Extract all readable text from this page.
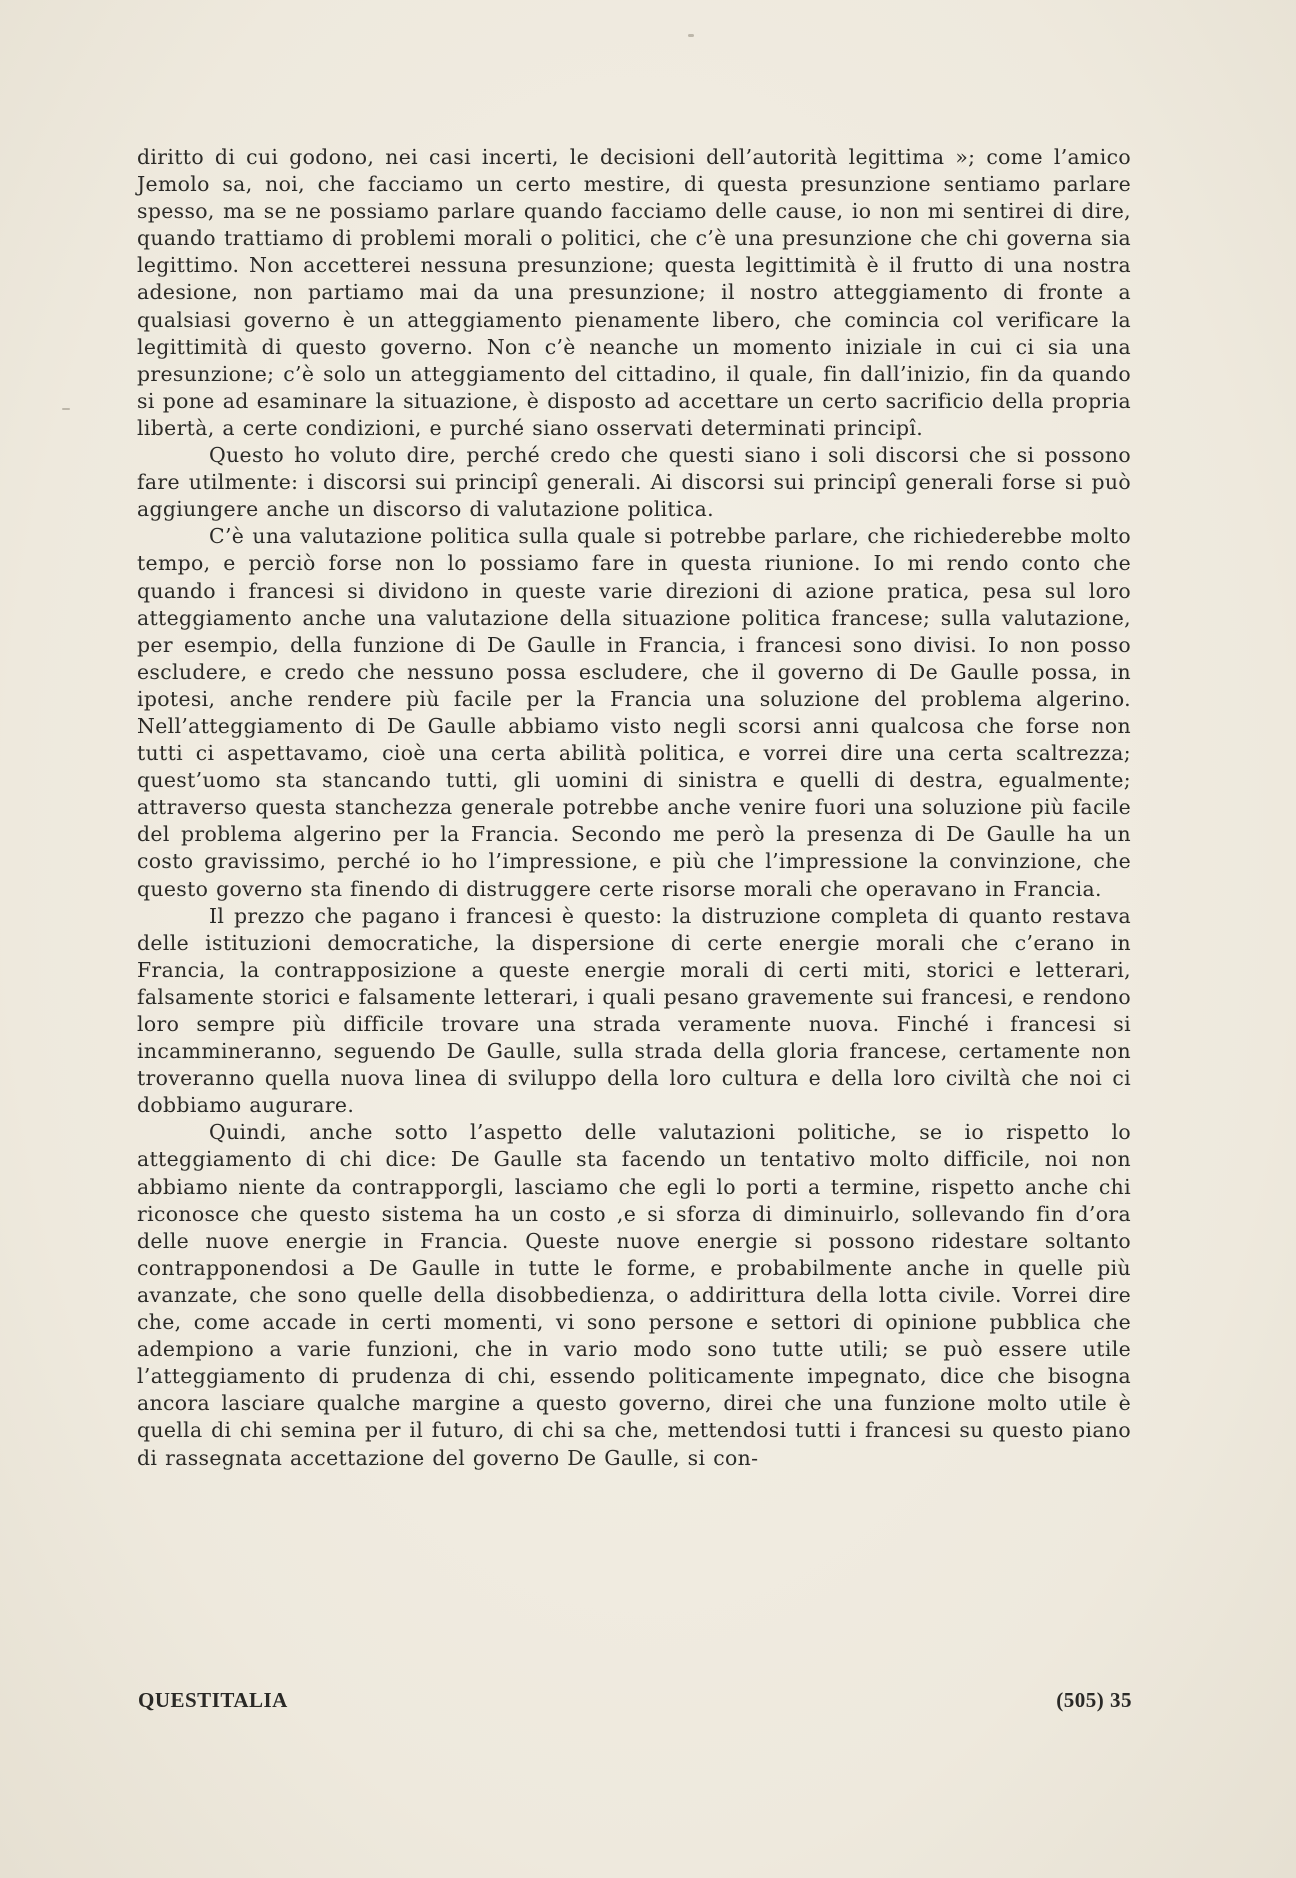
diritto di cui godono, nei casi incerti, le decisioni dell’autorità legittima »; come l’amico Jemolo sa, noi, che facciamo un certo mestire, di questa presunzione sentiamo parlare spesso, ma se ne possiamo parlare quando facciamo delle cause, io non mi sentirei di dire, quando trattiamo di problemi morali o politici, che c’è una presunzione che chi governa sia legittimo. Non accetterei nessuna presunzione; questa legittimità è il frutto di una nostra adesione, non partiamo mai da una presunzione; il nostro atteggiamento di fronte a qualsiasi governo è un atteggiamento pienamente libero, che comincia col verificare la legittimità di questo governo. Non c’è neanche un momento iniziale in cui ci sia una presunzione; c’è solo un atteggiamento del cittadino, il quale, fin dall’inizio, fin da quando si pone ad esaminare la situazione, è disposto ad accettare un certo sacrificio della propria libertà, a certe condizioni, e purché siano osservati determinati principî.

Questo ho voluto dire, perché credo che questi siano i soli discorsi che si possono fare utilmente: i discorsi sui principî generali. Ai discorsi sui principî generali forse si può aggiungere anche un discorso di valutazione politica.

C’è una valutazione politica sulla quale si potrebbe parlare, che richiederebbe molto tempo, e perciò forse non lo possiamo fare in questa riunione. Io mi rendo conto che quando i francesi si dividono in queste varie direzioni di azione pratica, pesa sul loro atteggiamento anche una valutazione della situazione politica francese; sulla valutazione, per esempio, della funzione di De Gaulle in Francia, i francesi sono divisi. Io non posso escludere, e credo che nessuno possa escludere, che il governo di De Gaulle possa, in ipotesi, anche rendere più facile per la Francia una soluzione del problema algerino. Nell’atteggiamento di De Gaulle abbiamo visto negli scorsi anni qualcosa che forse non tutti ci aspettavamo, cioè una certa abilità politica, e vorrei dire una certa scaltrezza; quest’uomo sta stancando tutti, gli uomini di sinistra e quelli di destra, egualmente; attraverso questa stanchezza generale potrebbe anche venire fuori una soluzione più facile del problema algerino per la Francia. Secondo me però la presenza di De Gaulle ha un costo gravissimo, perché io ho l’impressione, e più che l’impressione la convinzione, che questo governo sta finendo di distruggere certe risorse morali che operavano in Francia.

Il prezzo che pagano i francesi è questo: la distruzione completa di quanto restava delle istituzioni democratiche, la dispersione di certe energie morali che c’erano in Francia, la contrapposizione a queste energie morali di certi miti, storici e letterari, falsamente storici e falsamente letterari, i quali pesano gravemente sui francesi, e rendono loro sempre più difficile trovare una strada veramente nuova. Finché i francesi si incammineranno, seguendo De Gaulle, sulla strada della gloria francese, certamente non troveranno quella nuova linea di sviluppo della loro cultura e della loro civiltà che noi ci dobbiamo augurare.

Quindi, anche sotto l’aspetto delle valutazioni politiche, se io rispetto lo atteggiamento di chi dice: De Gaulle sta facendo un tentativo molto difficile, noi non abbiamo niente da contrapporgli, lasciamo che egli lo porti a termine, rispetto anche chi riconosce che questo sistema ha un costo ,e si sforza di diminuirlo, sollevando fin d’ora delle nuove energie in Francia. Queste nuove energie si possono ridestare soltanto contrapponendosi a De Gaulle in tutte le forme, e probabilmente anche in quelle più avanzate, che sono quelle della disobbedienza, o addirittura della lotta civile. Vorrei dire che, come accade in certi momenti, vi sono persone e settori di opinione pubblica che adempiono a varie funzioni, che in vario modo sono tutte utili; se può essere utile l’atteggiamento di prudenza di chi, essendo politicamente impegnato, dice che bisogna ancora lasciare qualche margine a questo governo, direi che una funzione molto utile è quella di chi semina per il futuro, di chi sa che, mettendosi tutti i francesi su questo piano di rassegnata accettazione del governo De Gaulle, si con-

QUESTITALIA	(505) 35
